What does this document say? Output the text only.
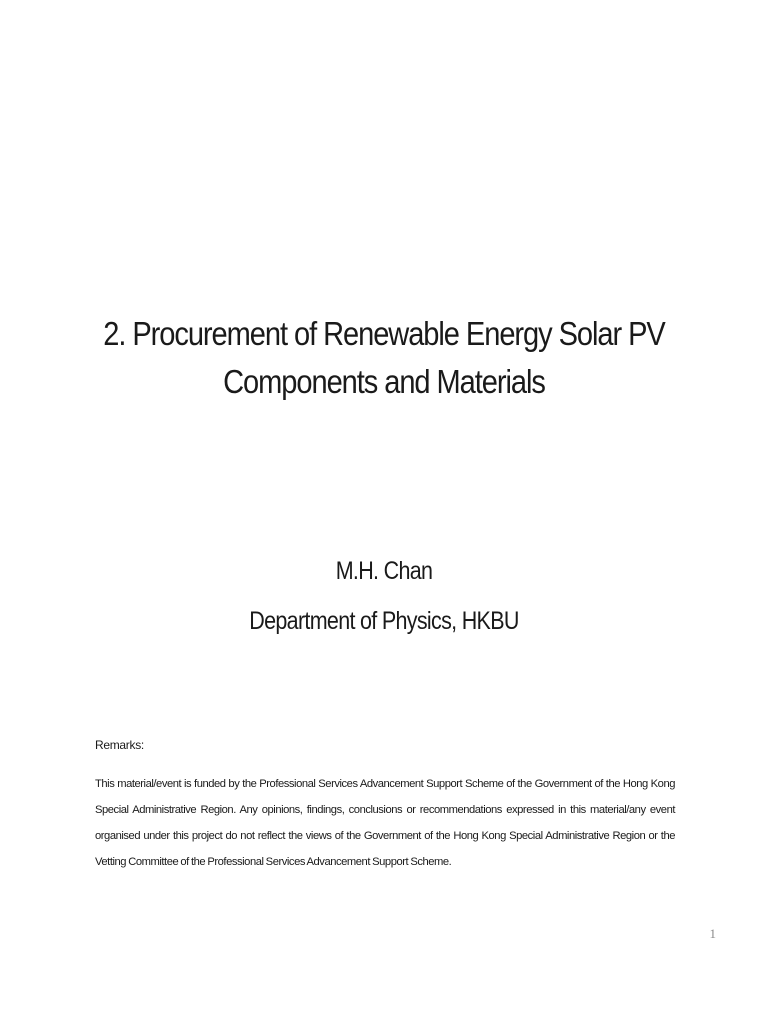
2. Procurement of Renewable Energy Solar PV
Components and Materials
M.H. Chan
Department of Physics, HKBU

Remarks:

This material/event is funded by the Professional Services Advancement Support Scheme of the Government of the Hong Kong Special Administrative Region. Any opinions, findings, conclusions or recommendations expressed in this material/any event organised under this project do not reflect the views of the Government of the Hong Kong Special Administrative Region or the Vetting Committee of the Professional Services Advancement Support Scheme.

1
